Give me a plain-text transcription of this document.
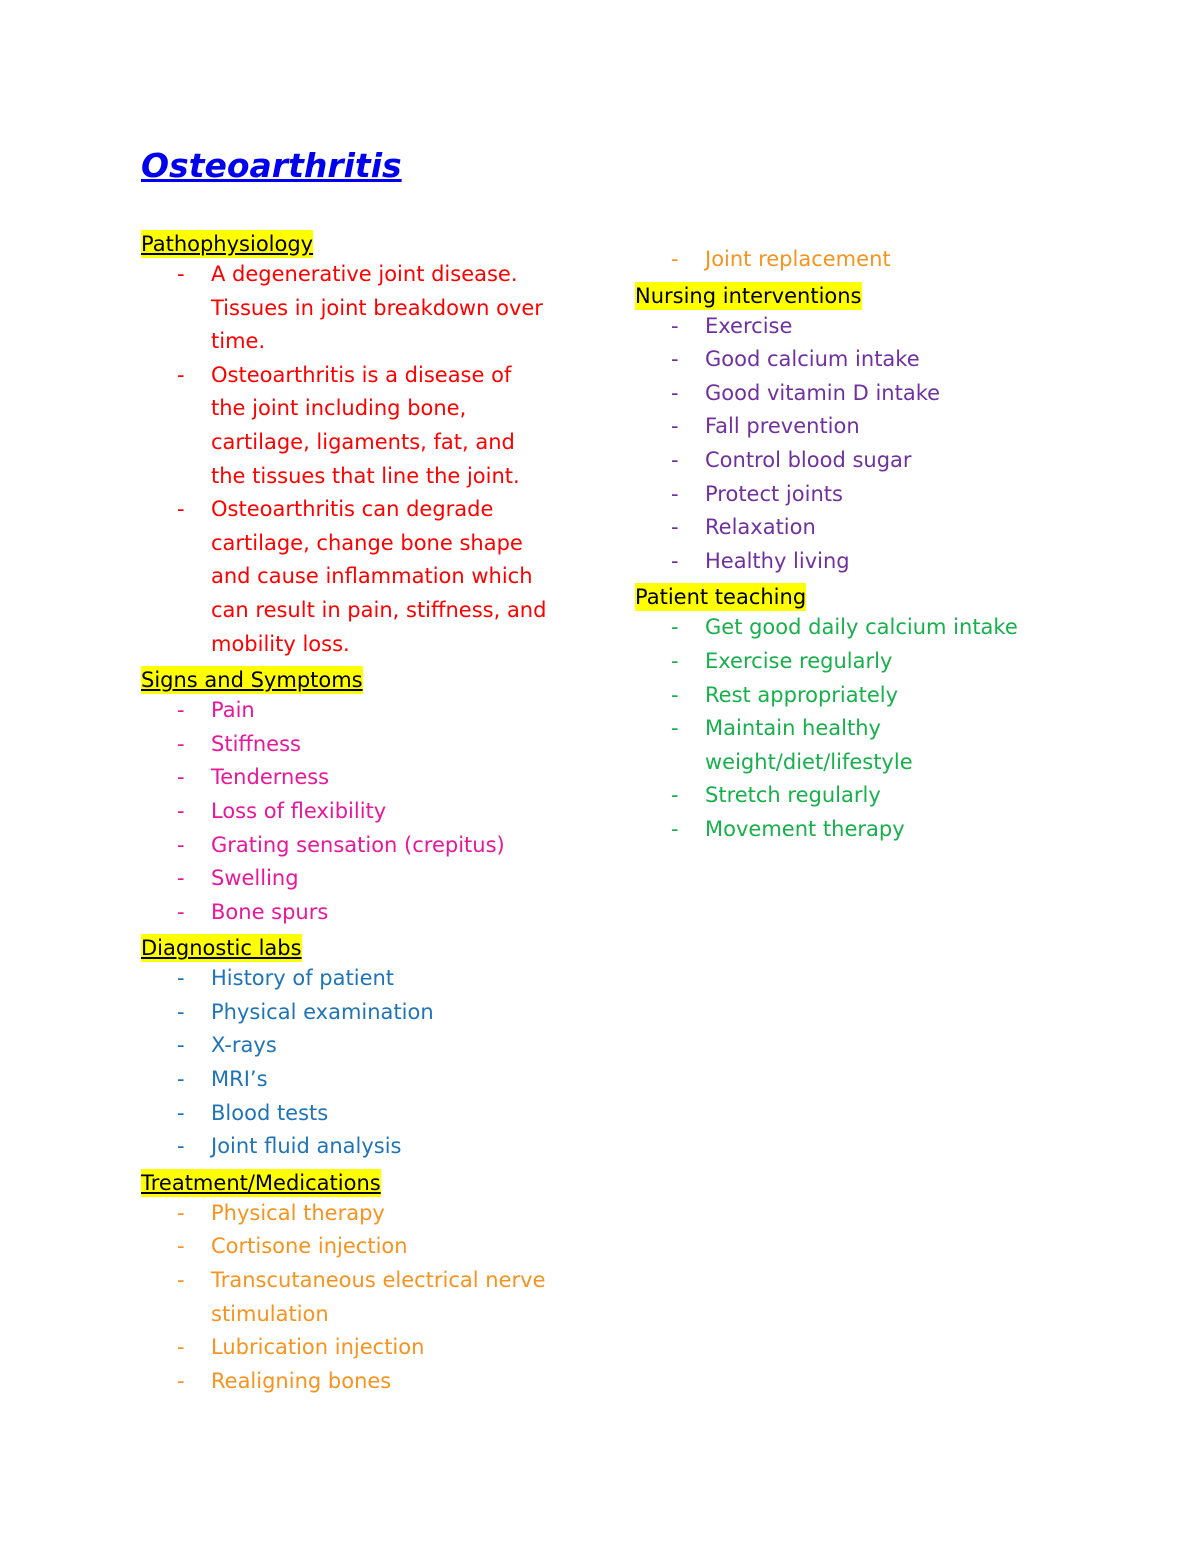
Osteoarthritis
Pathophysiology
- A degenerative joint disease.
Tissues in joint breakdown over
time.
- Osteoarthritis is a disease of
the joint including bone,
cartilage, ligaments, fat, and
the tissues that line the joint.
- Osteoarthritis can degrade
cartilage, change bone shape
and cause inflammation which
can result in pain, stiffness, and
mobility loss.
Signs and Symptoms
- Pain
- Stiffness
- Tenderness
- Loss of flexibility
- Grating sensation (crepitus)
- Swelling
- Bone spurs
Diagnostic labs
- History of patient
- Physical examination
- X-rays
- MRI’s
- Blood tests
- Joint fluid analysis
Treatment/Medications
- Physical therapy
- Cortisone injection
- Transcutaneous electrical nerve
stimulation
- Lubrication injection
- Realigning bones
- Joint replacement
Nursing interventions
- Exercise
- Good calcium intake
- Good vitamin D intake
- Fall prevention
- Control blood sugar
- Protect joints
- Relaxation
- Healthy living
Patient teaching
- Get good daily calcium intake
- Exercise regularly
- Rest appropriately
- Maintain healthy
weight/diet/lifestyle
- Stretch regularly
- Movement therapy
